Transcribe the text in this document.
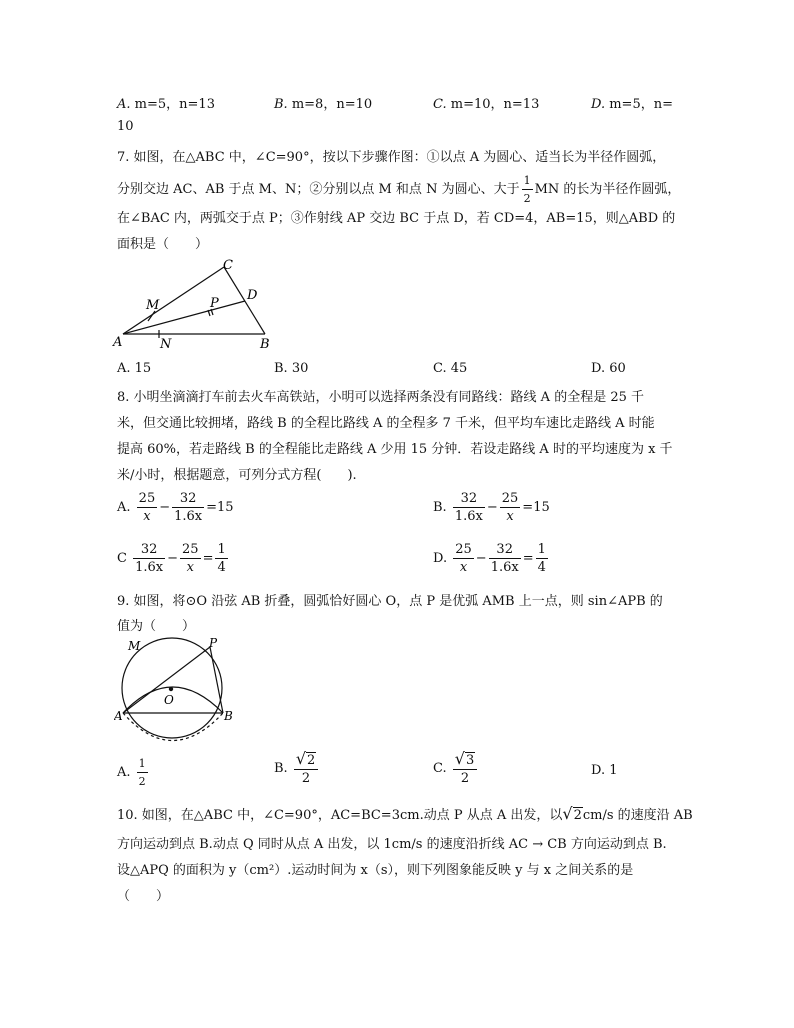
A. m=5，n=13	B. m=8，n=10	C. m=10，n=13	D. m=5，n=
10
7. 如图，在△ABC 中，∠C=90°，按以下步骤作图：①以点 A 为圆心、适当长为半径作圆弧，
分别交边 AC、AB 于点 M、N；②分别以点 M 和点 N 为圆心、大于 $\frac{1}{2}$ MN 的长为半径作圆弧，
在∠BAC 内，两弧交于点 P；③作射线 AP 交边 BC 于点 D，若 CD=4，AB=15，则△ABD 的
面积是（　　）
C
D
M	P
A	N	B
A. 15	B. 30	C. 45	D. 60
8. 小明坐滴滴打车前去火车高铁站，小明可以选择两条没有同路线：路线 A 的全程是 25 千
米，但交通比较拥堵，路线 B 的全程比路线 A 的全程多 7 千米，但平均车速比走路线 A 时能
提高 60%，若走路线 B 的全程能比走路线 A 少用 15 分钟．若设走路线 A 时的平均速度为 x 千
米/小时，根据题意，可列分式方程(　　).
A. $\frac{25}{x} - \frac{32}{1.6x} =15$	B. $\frac{32}{1.6x} - \frac{25}{x} =15$
C $\frac{32}{1.6x} - \frac{25}{x} = \frac{1}{4}$	D. $\frac{25}{x} - \frac{32}{1.6x} = \frac{1}{4}$
9. 如图，将⊙O 沿弦 AB 折叠，圆弧恰好圆心 O，点 P 是优弧 AMB 上一点，则 sin∠APB 的
值为（　　）
M	P
O
A	B
A. $\frac{1}{2}$	B. $\frac{√2}{2}$	C. $\frac{√3}{2}$	D. 1
10. 如图，在△ABC 中，∠C=90°，AC=BC=3cm.动点 P 从点 A 出发，以√2cm/s 的速度沿 AB
方向运动到点 B.动点 Q 同时从点 A 出发，以 1cm/s 的速度沿折线 AC → CB 方向运动到点 B.
设△APQ 的面积为 y（cm²）.运动时间为 x（s），则下列图象能反映 y 与 x 之间关系的是
（　　）
